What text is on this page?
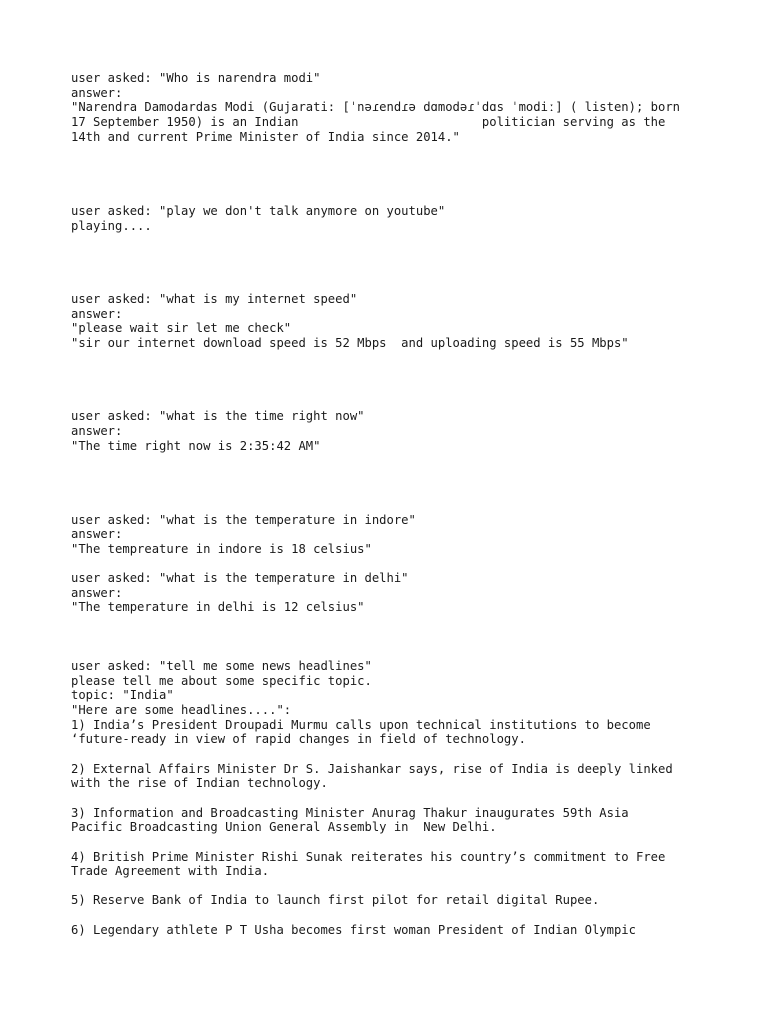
user asked: "Who is narendra modi"
answer:
"Narendra Damodardas Modi (Gujarati: [ˈnəɾendɾə dɑmodəɾˈdɑs ˈmodiː] ( listen); born
17 September 1950) is an Indian                         politician serving as the
14th and current Prime Minister of India since 2014."
user asked: "play we don't talk anymore on youtube"
playing....
user asked: "what is my internet speed"
answer:
"please wait sir let me check"
"sir our internet download speed is 52 Mbps  and uploading speed is 55 Mbps"
user asked: "what is the time right now"
answer:
"The time right now is 2:35:42 AM"
user asked: "what is the temperature in indore"
answer:
"The tempreature in indore is 18 celsius"
user asked: "what is the temperature in delhi"
answer:
"The temperature in delhi is 12 celsius"
user asked: "tell me some news headlines"
please tell me about some specific topic.
topic: "India"
"Here are some headlines....":
1) India’s President Droupadi Murmu calls upon technical institutions to become
‘future-ready in view of rapid changes in field of technology.
2) External Affairs Minister Dr S. Jaishankar says, rise of India is deeply linked
with the rise of Indian technology.
3) Information and Broadcasting Minister Anurag Thakur inaugurates 59th Asia
Pacific Broadcasting Union General Assembly in  New Delhi.
4) British Prime Minister Rishi Sunak reiterates his country’s commitment to Free
Trade Agreement with India.
5) Reserve Bank of India to launch first pilot for retail digital Rupee.
6) Legendary athlete P T Usha becomes first woman President of Indian Olympic
